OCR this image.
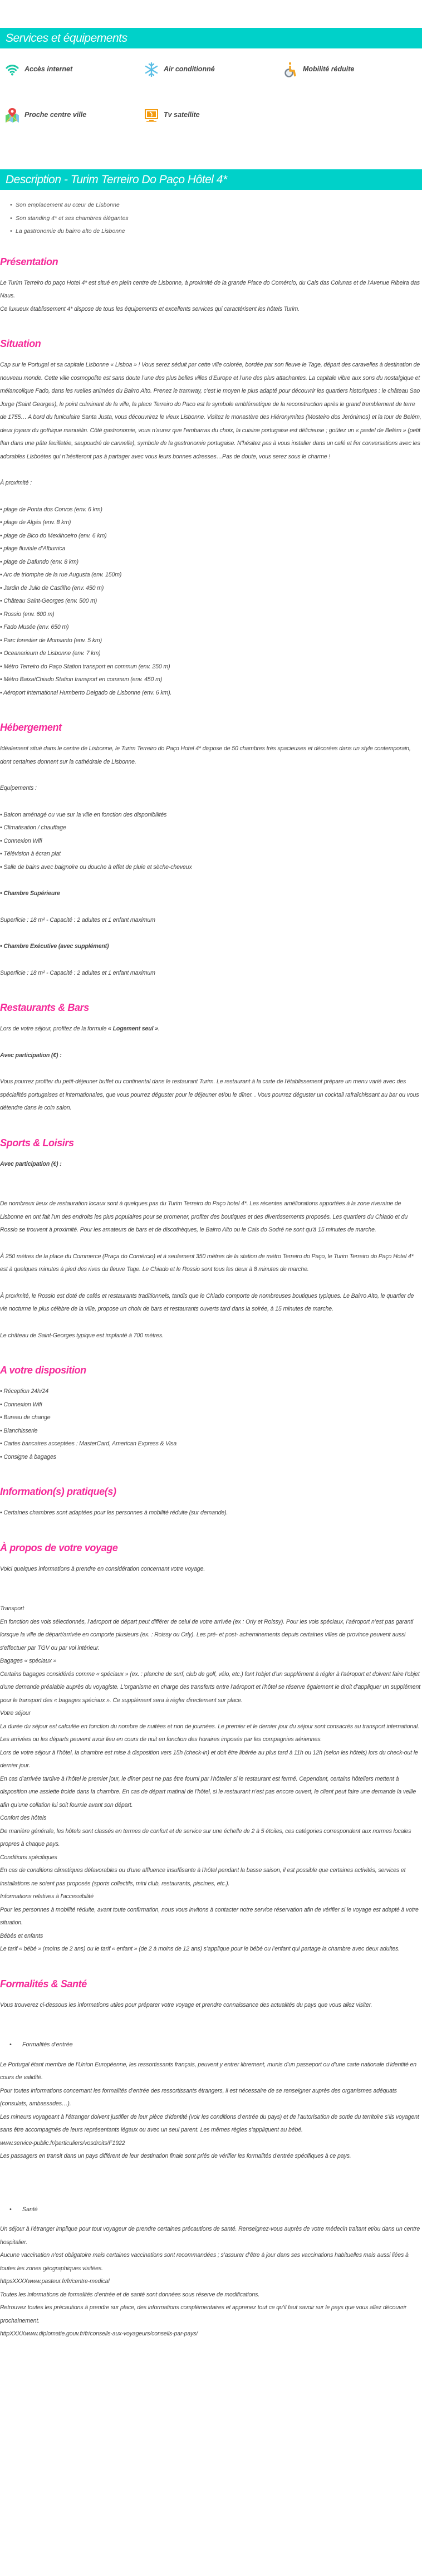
Services et équipements
Accès internet	Air conditionné	Mobilité réduite
Proche centre ville	Tv satellite
Description - Turim Terreiro Do Paço Hôtel 4*
• Son emplacement au cœur de Lisbonne
• Son standing 4* et ses chambres élégantes
• La gastronomie du bairro alto de Lisbonne
Présentation

Le Turim Terreiro do paço Hotel 4* est situé en plein centre de Lisbonne, à proximité de la grande Place do Comércio, du Cais das Colunas et de l'Avenue Ribeira das Naus.

Ce luxueux établissement 4* dispose de tous les équipements et excellents services qui caractérisent les hôtels Turim.

Situation

Cap sur le Portugal et sa capitale Lisbonne « Lisboa » ! Vous serez séduit par cette ville colorée, bordée par son fleuve le Tage, départ des caravelles à destination de nouveau monde. Cette ville cosmopolite est sans doute l’une des plus belles villes d’Europe et l’une des plus attachantes. La capitale vibre aux sons du nostalgique et mélancolique Fado, dans les ruelles animées du Bairro Alto. Prenez le tramway, c’est le moyen le plus adapté pour découvrir les quartiers historiques : le château Sao Jorge (Saint Georges), le point culminant de la ville, la place Terreiro do Paco est le symbole emblématique de la reconstruction après le grand tremblement de terre de 1755… A bord du funiculaire Santa Justa, vous découvrirez le vieux Lisbonne. Visitez le monastère des Hiéronymites (Mosteiro dos Jerónimos) et la tour de Belém, deux joyaux du gothique manuélin. Côté gastronomie, vous n’aurez que l’embarras du choix, la cuisine portugaise est délicieuse ; goûtez un « pastel de Belém » (petit flan dans une pâte feuilletée, saupoudré de cannelle), symbole de la gastronomie portugaise. N’hésitez pas à vous installer dans un café et lier conversations avec les adorables Lisboètes qui n’hésiteront pas à partager avec vous leurs bonnes adresses…Pas de doute, vous serez sous le charme !

À proximité :

• plage de Ponta dos Corvos (env. 6 km)

• plage de Algés (env. 8 km)

• plage de Bico do Mexilhoeiro (env. 6 km)

• plage fluviale d’Alburrica

• plage de Dafundo (env. 8 km)

• Arc de triomphe de la rue Augusta (env. 150m)

• Jardin de Julio de Castilho (env. 450 m)

• Château Saint-Georges (env. 500 m)

• Rossio (env. 600 m)

• Fado Musée (env. 650 m)

• Parc forestier de Monsanto (env. 5 km)

• Oceanarieum de Lisbonne (env. 7 km)

• Métro Terreiro do Paço Station transport en commun (env. 250 m)

• Métro Baixa/Chiado Station transport en commun (env. 450 m)

• Aéroport international Humberto Delgado de Lisbonne (env. 6 km).

Hébergement

Idéalement situé dans le centre de Lisbonne, le Turim Terreiro do Paço Hotel 4* dispose de 50 chambres très spacieuses et décorées dans un style contemporain, dont certaines donnent sur la cathédrale de Lisbonne.

Equipements :

• Balcon aménagé ou vue sur la ville en fonction des disponibilités

• Climatisation / chauffage

• Connexion Wifi

• Télévision à écran plat

• Salle de bains avec baignoire ou douche à effet de pluie et sèche-cheveux

• Chambre Supérieure

Superficie : 18 m² - Capacité : 2 adultes et 1 enfant maximum

• Chambre Exécutive (avec supplément)

Superficie : 18 m² - Capacité : 2 adultes et 1 enfant maximum

Restaurants & Bars

Lors de votre séjour, profitez de la formule « Logement seul ».

Avec participation (€) :

Vous pourrez profiter du petit-déjeuner buffet ou continental dans le restaurant Turim. Le restaurant à la carte de l'établissement prépare un menu varié avec des spécialités portugaises et internationales, que vous pourrez déguster pour le déjeuner et/ou le dîner. . Vous pourrez déguster un cocktail rafraîchissant au bar ou vous détendre dans le coin salon.

Sports & Loisirs

Avec participation (€) :

De nombreux lieux de restauration locaux sont à quelques pas du Turim Terreiro do Paço hotel 4*. Les récentes améliorations apportées à la zone riveraine de Lisbonne en ont fait l'un des endroits les plus populaires pour se promener, profiter des boutiques et des divertissements proposés. Les quartiers du Chiado et du Rossio se trouvent à proximité. Pour les amateurs de bars et de discothèques, le Bairro Alto ou le Cais do Sodré ne sont qu'à 15 minutes de marche.

À 250 mètres de la place du Commerce (Praça do Comércio) et à seulement 350 mètres de la station de métro Terreiro do Paço, le Turim Terreiro do Paço Hotel 4* est à quelques minutes à pied des rives du fleuve Tage. Le Chiado et le Rossio sont tous les deux à 8 minutes de marche.

À proximité, le Rossio est doté de cafés et restaurants traditionnels, tandis que le Chiado comporte de nombreuses boutiques typiques. Le Bairro Alto, le quartier de vie nocturne le plus célèbre de la ville, propose un choix de bars et restaurants ouverts tard dans la soirée, à 15 minutes de marche.

Le château de Saint-Georges typique est implanté à 700 mètres.

A votre disposition

• Réception 24h/24

• Connexion Wifi

• Bureau de change

• Blanchisserie

• Cartes bancaires acceptées : MasterCard, American Express & Visa

• Consigne à bagages

Information(s) pratique(s)

• Certaines chambres sont adaptées pour les personnes à mobilité réduite (sur demande).

À propos de votre voyage

Voici quelques informations à prendre en considération concernant votre voyage.

Transport

En fonction des vols sélectionnés, l’aéroport de départ peut différer de celui de votre arrivée (ex : Orly et Roissy). Pour les vols spéciaux, l’aéroport n’est pas garanti lorsque la ville de départ/arrivée en comporte plusieurs (ex. : Roissy ou Orly). Les pré- et post- acheminements depuis certaines villes de province peuvent aussi s'effectuer par TGV ou par vol intérieur.

Bagages « spéciaux »

Certains bagages considérés comme « spéciaux » (ex. : planche de surf, club de golf, vélo, etc.) font l'objet d'un supplément à régler à l'aéroport et doivent faire l'objet d'une demande préalable auprès du voyagiste. L'organisme en charge des transferts entre l'aéroport et l'hôtel se réserve également le droit d'appliquer un supplément pour le transport des « bagages spéciaux ». Ce supplément sera à régler directement sur place.

Votre séjour

La durée du séjour est calculée en fonction du nombre de nuitées et non de journées. Le premier et le dernier jour du séjour sont consacrés au transport international.

Les arrivées ou les départs peuvent avoir lieu en cours de nuit en fonction des horaires imposés par les compagnies aériennes.

Lors de votre séjour à l’hôtel, la chambre est mise à disposition vers 15h (check-in) et doit être libérée au plus tard à 11h ou 12h (selon les hôtels) lors du check-out le dernier jour.

En cas d’arrivée tardive à l’hôtel le premier jour, le dîner peut ne pas être fourni par l’hôtelier si le restaurant est fermé. Cependant, certains hôteliers mettent à disposition une assiette froide dans la chambre. En cas de départ matinal de l’hôtel, si le restaurant n’est pas encore ouvert, le client peut faire une demande la veille afin qu’une collation lui soit fournie avant son départ.

Confort des hôtels

De manière générale, les hôtels sont classés en termes de confort et de service sur une échelle de 2 à 5 étoiles, ces catégories correspondent aux normes locales propres à chaque pays.

Conditions spécifiques

En cas de conditions climatiques défavorables ou d'une affluence insuffisante à l'hôtel pendant la basse saison, il est possible que certaines activités, services et installations ne soient pas proposés (sports collectifs, mini club, restaurants, piscines, etc.).

Informations relatives à l'accessibilité

Pour les personnes à mobilité réduite, avant toute confirmation, nous vous invitons à contacter notre service réservation afin de vérifier si le voyage est adapté à votre situation.

Bébés et enfants

Le tarif « bébé » (moins de 2 ans) ou le tarif « enfant » (de 2 à moins de 12 ans) s’applique pour le bébé ou l’enfant qui partage la chambre avec deux adultes.

Formalités & Santé

Vous trouverez ci-dessous les informations utiles pour préparer votre voyage et prendre connaissance des actualités du pays que vous allez visiter.

• Formalités d’entrée

Le Portugal étant membre de l’Union Européenne, les ressortissants français, peuvent y entrer librement, munis d’un passeport ou d’une carte nationale d’identité en cours de validité.

Pour toutes informations concernant les formalités d’entrée des ressortissants étrangers, il est nécessaire de se renseigner auprès des organismes adéquats (consulats, ambassades…).

Les mineurs voyageant à l’étranger doivent justifier de leur pièce d’identité (voir les conditions d’entrée du pays) et de l’autorisation de sortie du territoire s’ils voyagent sans être accompagnés de leurs représentants légaux ou avec un seul parent. Les mêmes règles s'appliquent au bébé.

www.service-public.fr/particuliers/vosdroits/F1922

Les passagers en transit dans un pays différent de leur destination finale sont priés de vérifier les formalités d'entrée spécifiques à ce pays.

• Santé

Un séjour à l’étranger implique pour tout voyageur de prendre certaines précautions de santé. Renseignez-vous auprès de votre médecin traitant et/ou dans un centre hospitalier.

Aucune vaccination n’est obligatoire mais certaines vaccinations sont recommandées ; s’assurer d’être à jour dans ses vaccinations habituelles mais aussi liées à toutes les zones géographiques visitées.

httpsXXXXwww.pasteur.fr/fr/centre-medical

Toutes les informations de formalités d’entrée et de santé sont données sous réserve de modifications.

Retrouvez toutes les précautions à prendre sur place, des informations complémentaires et apprenez tout ce qu’il faut savoir sur le pays que vous allez découvrir prochainement.

httpXXXXwww.diplomatie.gouv.fr/fr/conseils-aux-voyageurs/conseils-par-pays/
